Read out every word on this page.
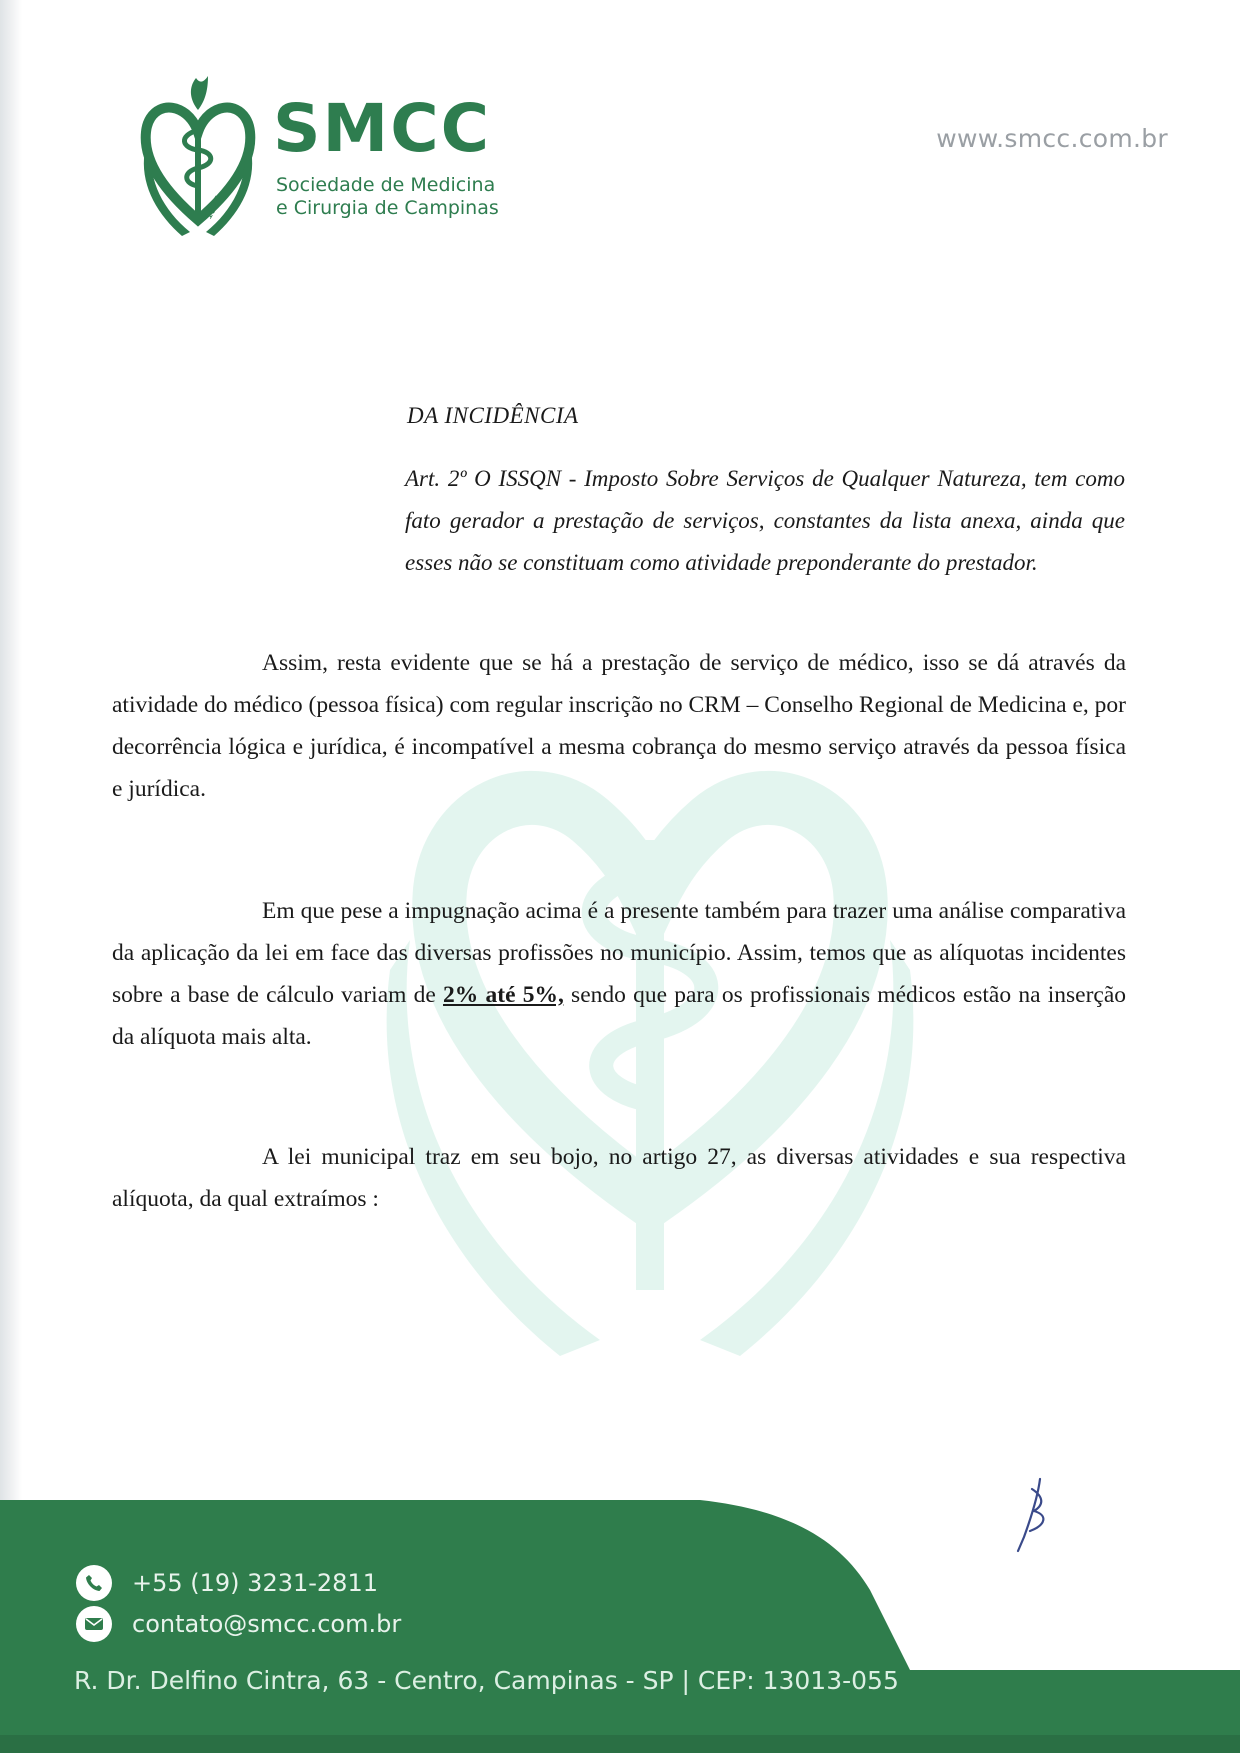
1925
SMCC
Sociedade de Medicina
e Cirurgia de Campinas
www.smcc.com.br
DA INCIDÊNCIA
Art. 2º O ISSQN - Imposto Sobre Serviços de Qualquer Natureza, tem como fato gerador a prestação de serviços, constantes da lista anexa, ainda que esses não se constituam como atividade preponderante do prestador.
Assim, resta evidente que se há a prestação de serviço de médico, isso se dá através da atividade do médico (pessoa física) com regular inscrição no CRM – Conselho Regional de Medicina e, por decorrência lógica e jurídica, é incompatível a mesma cobrança do mesmo serviço através da pessoa física e jurídica.
Em que pese a impugnação acima é a presente também para trazer uma análise comparativa da aplicação da lei em face das diversas profissões no município. Assim, temos que as alíquotas incidentes sobre a base de cálculo variam de 2% até 5%, sendo que para os profissionais médicos estão na inserção da alíquota mais alta.
A lei municipal traz em seu bojo, no artigo 27, as diversas atividades e sua respectiva alíquota, da qual extraímos :
+55 (19) 3231-2811
contato@smcc.com.br
R. Dr. Delfino Cintra, 63 - Centro, Campinas - SP | CEP: 13013-055
